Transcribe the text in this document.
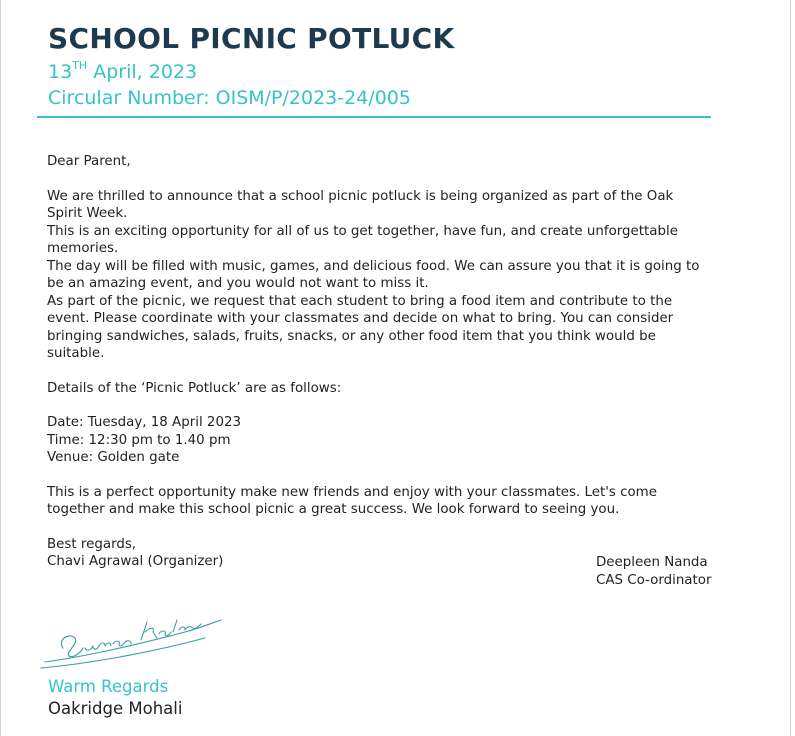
SCHOOL PICNIC POTLUCK
13TH April, 2023
Circular Number: OISM/P/2023-24/005

Dear Parent,

We are thrilled to announce that a school picnic potluck is being organized as part of the Oak

Spirit Week.

This is an exciting opportunity for all of us to get together, have fun, and create unforgettable

memories.

The day will be filled with music, games, and delicious food. We can assure you that it is going to

be an amazing event, and you would not want to miss it.

As part of the picnic, we request that each student to bring a food item and contribute to the

event. Please coordinate with your classmates and decide on what to bring. You can consider

bringing sandwiches, salads, fruits, snacks, or any other food item that you think would be

suitable.

Details of the ‘Picnic Potluck’ are as follows:

Date: Tuesday, 18 April 2023

Time: 12:30 pm to 1.40 pm

Venue: Golden gate

This is a perfect opportunity make new friends and enjoy with your classmates. Let's come

together and make this school picnic a great success. We look forward to seeing you.

Best regards,

Chavi Agrawal (Organizer)	Deepleen Nanda
CAS Co-ordinator
Warm Regards
Oakridge Mohali
